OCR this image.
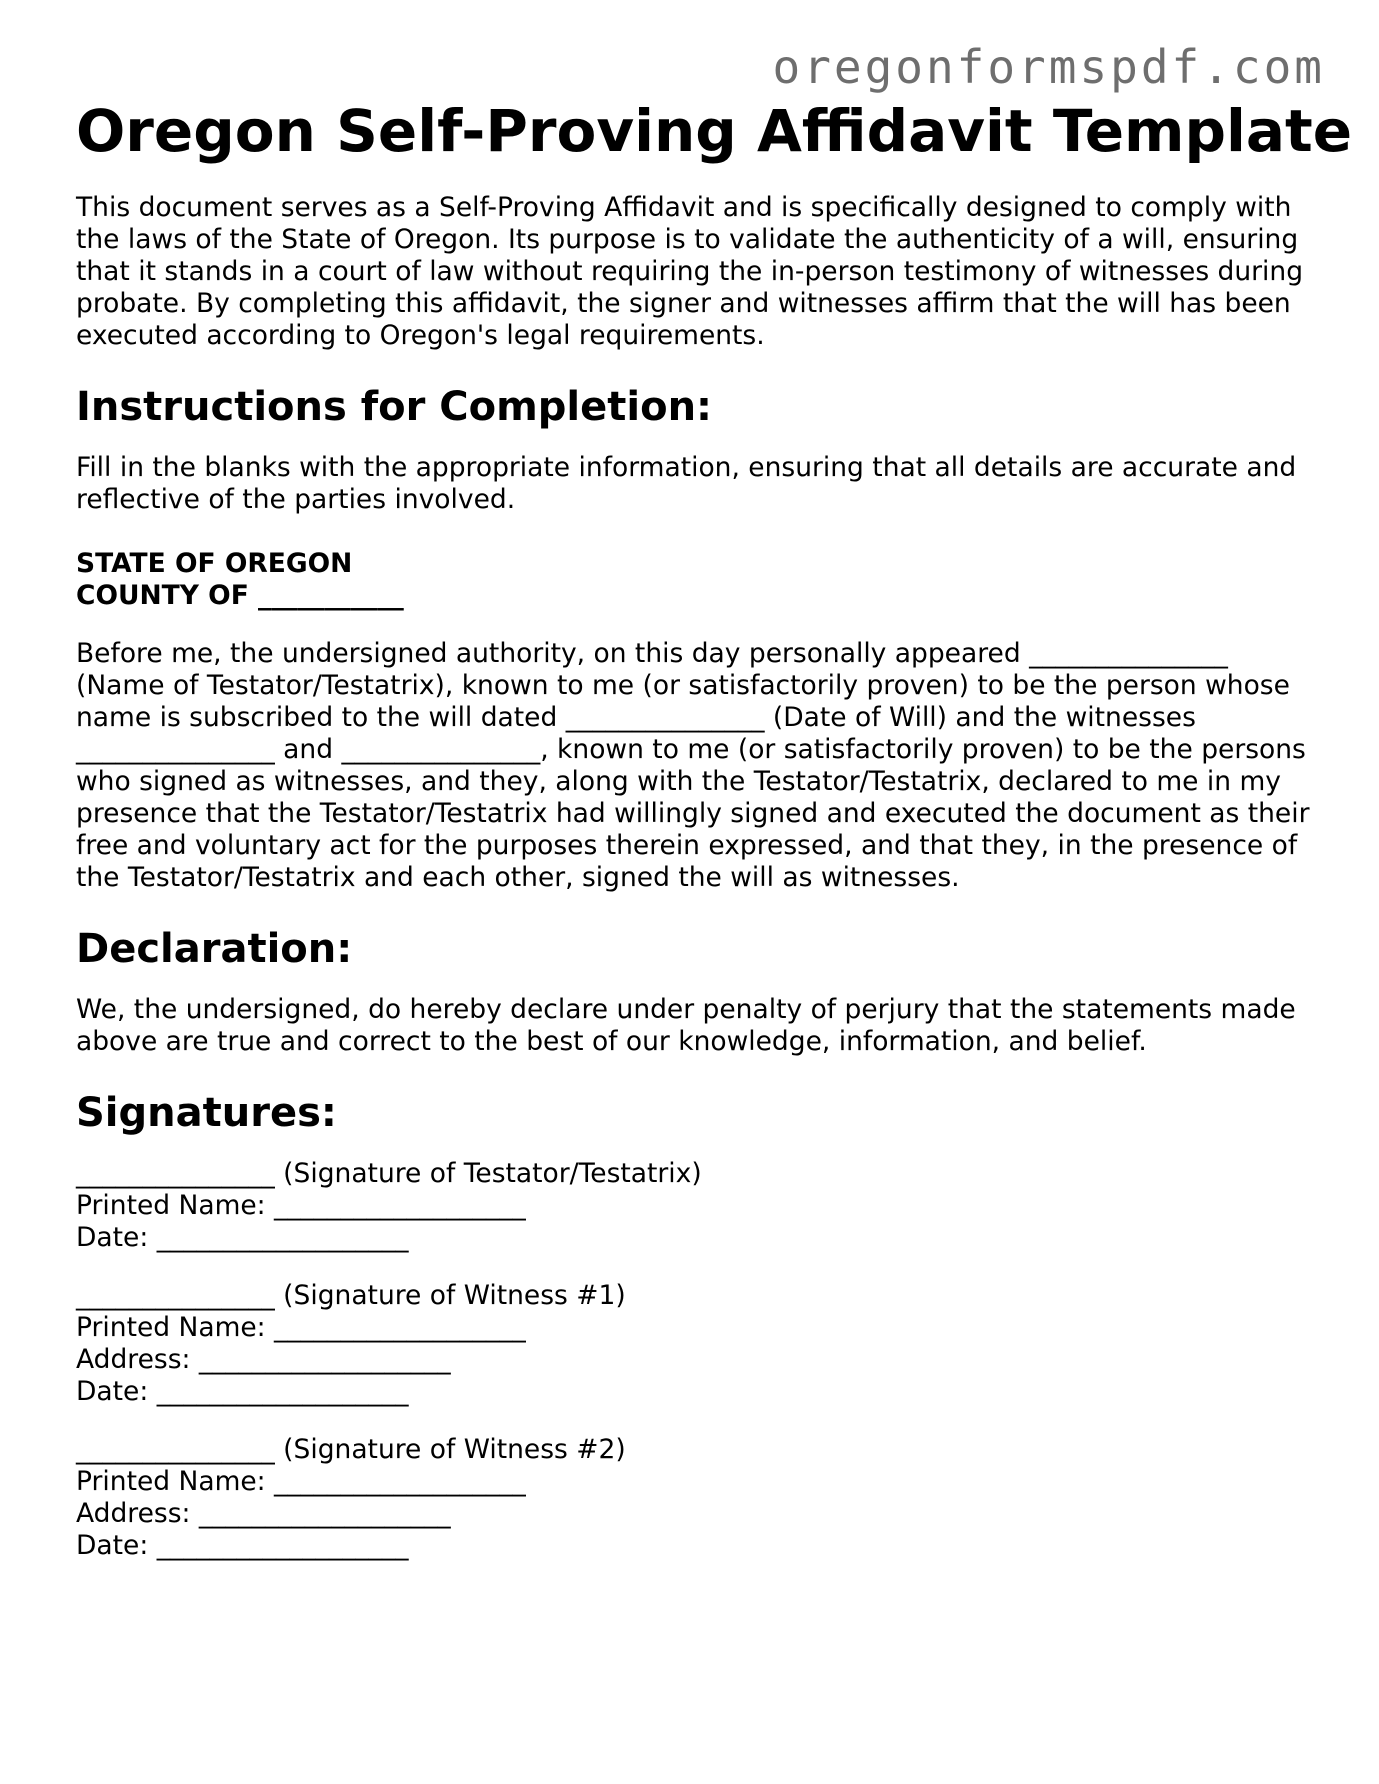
oregonformspdf.com
Oregon Self-Proving Affidavit Template

This document serves as a Self-Proving Affidavit and is specifically designed to comply with the laws of the State of Oregon. Its purpose is to validate the authenticity of a will, ensuring that it stands in a court of law without requiring the in-person testimony of witnesses during probate. By completing this affidavit, the signer and witnesses affirm that the will has been executed according to Oregon's legal requirements.

Instructions for Completion:

Fill in the blanks with the appropriate information, ensuring that all details are accurate and reflective of the parties involved.

STATE OF OREGON
COUNTY OF ___________

Before me, the undersigned authority, on this day personally appeared _______________ (Name of Testator/Testatrix), known to me (or satisfactorily proven) to be the person whose name is subscribed to the will dated _______________ (Date of Will) and the witnesses _______________ and _______________, known to me (or satisfactorily proven) to be the persons who signed as witnesses, and they, along with the Testator/Testatrix, declared to me in my presence that the Testator/Testatrix had willingly signed and executed the document as their free and voluntary act for the purposes therein expressed, and that they, in the presence of the Testator/Testatrix and each other, signed the will as witnesses.

Declaration:

We, the undersigned, do hereby declare under penalty of perjury that the statements made above are true and correct to the best of our knowledge, information, and belief.

Signatures:

_______________ (Signature of Testator/Testatrix)
Printed Name: ___________________
Date: ___________________

_______________ (Signature of Witness #1)
Printed Name: ___________________
Address: ___________________
Date: ___________________

_______________ (Signature of Witness #2)
Printed Name: ___________________
Address: ___________________
Date: ___________________
